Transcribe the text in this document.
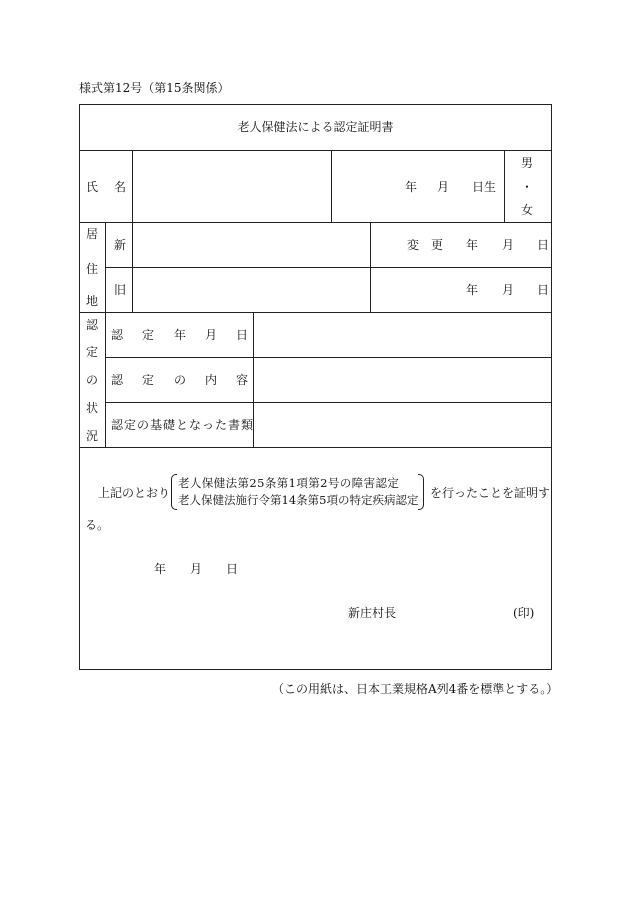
様式第12号（第15条関係）
老人保健法による認定証明書
氏 名	年 月 日生
男
・
女
居
住
地
新
旧
変 更 年 月 日
年 月 日
認
定
の
状
況
認 定 年 月 日
認 定 の 内 容
認定の基礎となった書類
上記のとおり
老人保健法第25条第1項第2号の障害認定
老人保健法施行令第14条第5項の特定疾病認定 を行ったことを証明す
る。
年 月 日
新庄村長	(印)
（この用紙は、日本工業規格A列4番を標準とする。）
